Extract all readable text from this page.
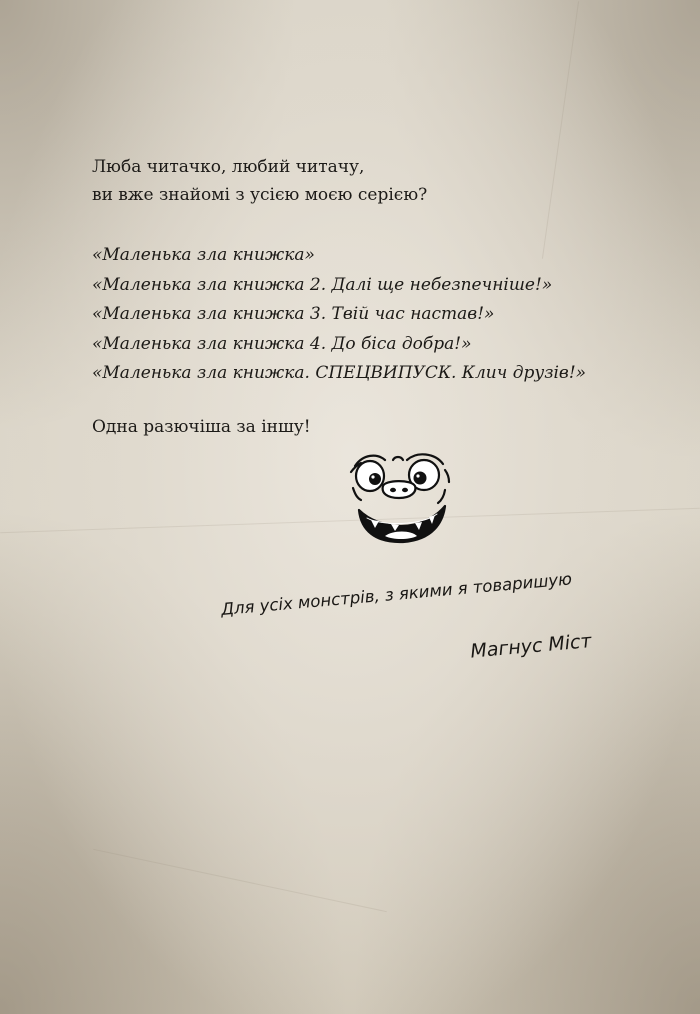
Люба читачко, любий читачу,

ви вже знайомі з усією моєю серією?

«Маленька зла книжка»
«Маленька зла книжка 2. Далі ще небезпечніше!»
«Маленька зла книжка 3. Твій час настав!»
«Маленька зла книжка 4. До біса добра!»
«Маленька зла книжка. СПЕЦВИПУСК. Клич друзів!»

Одна разючіша за іншу!

Для усіх монстрів, з якими я товаришую
Магнус Міст
